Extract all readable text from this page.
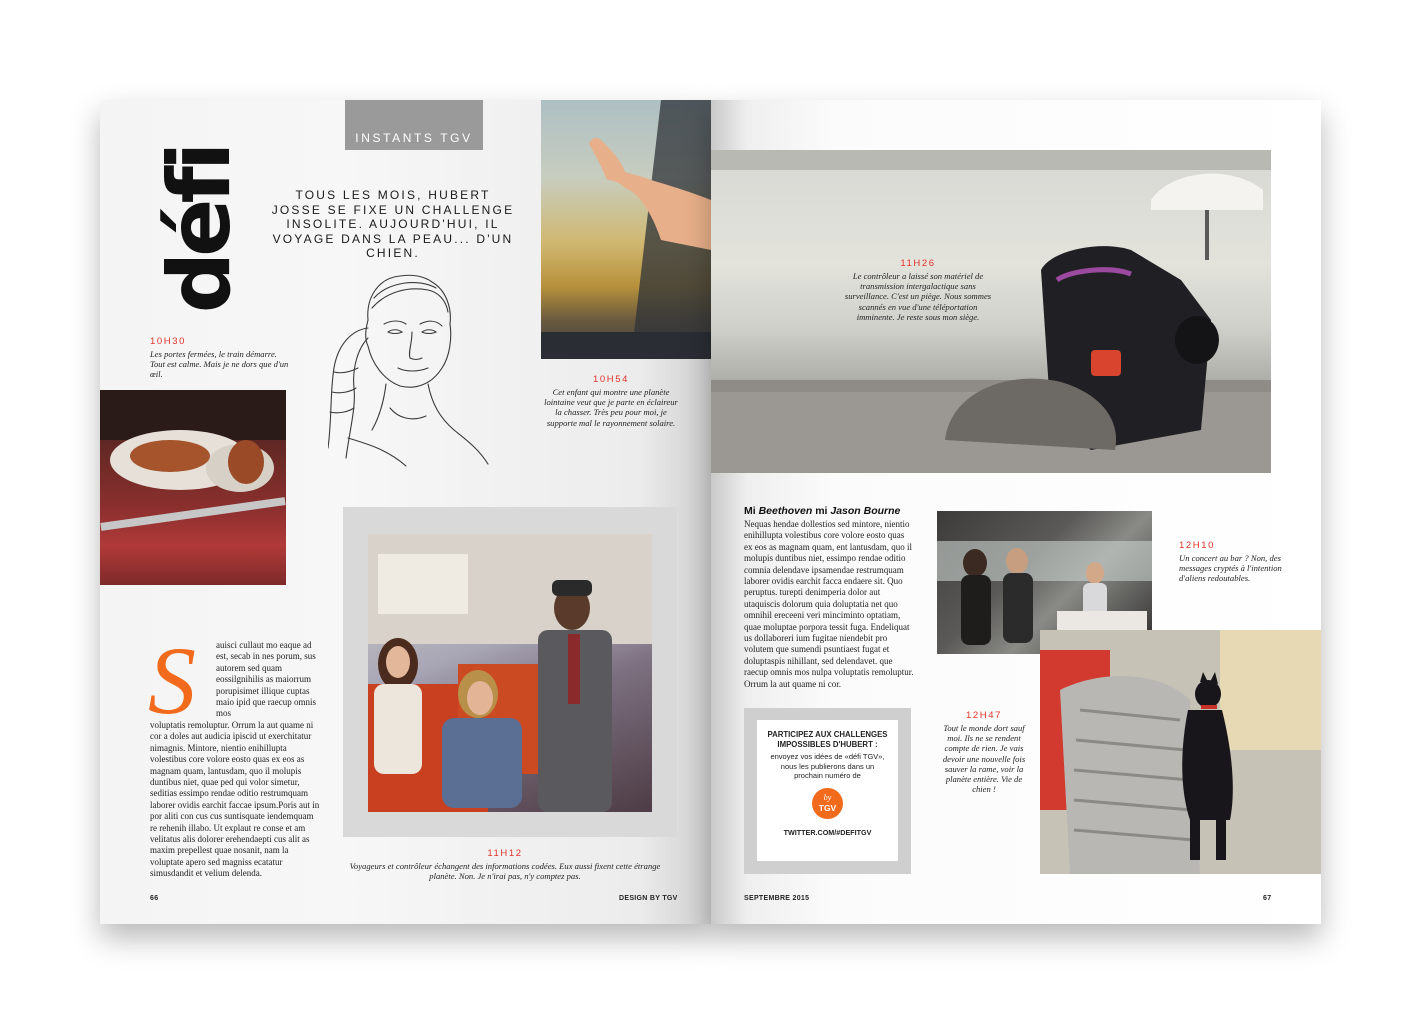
INSTANTS TGV
défi	TOUS LES MOIS, HUBERT JOSSE SE FIXE UN CHALLENGE INSOLITE. AUJOURD'HUI, IL VOYAGE DANS LA PEAU... D'UN CHIEN.
10H30
Les portes fermées, le train démarre. Tout est calme. Mais je ne dors que d'un œil.	10H54
Cet enfant qui montre une planète lointaine veut que je parte en éclaireur la chasser. Très peu pour moi, je supporte mal le rayonnement solaire.
S	auisci cullaut mo eaque ad est, secab in nes porum, sus autorem sed quam eossilgnihilis as maiorrum porupisimet illique cuptas maio ipid que raecup omnis mos
voluptatis remoluptur. Orrum la aut quame ni cor a doles aut audicia ipiscid ut exerchitatur nimagnis. Mintore, nientio enihillupta volestibus core volore eosto quas ex eos as magnam quam, lantusdam, quo il molupis duntibus niet, quae ped qui volor simetur, seditias essimpo rendae oditio restrumquam laborer ovidis earchit faccae ipsum.Poris aut in por aliti con cus cus suntisquate iendemquam re rehenih illabo. Ut explaut re conse et am velitatus alis dolorer erehendaepti cus alit as maxim prepellest quae nosanit, nam la voluptate apero sed magniss ecatatur simusdandit et velium delenda.
11H12
Voyageurs et contrôleur échangent des informations codées. Eux aussi fixent cette étrange planète. Non. Je n'irai pas, n'y comptez pas.
66	DESIGN BY TGV
11H26
Le contrôleur a laissé son matériel de transmission intergalactique sans surveillance. C'est un piège. Nous sommes scannés en vue d'une téléportation imminente. Je reste sous mon siège.
Mi Beethoven mi Jason Bourne
Nequas hendae dollestios sed mintore, nientio enihillupta volestibus core volore eosto quas ex eos as magnam quam, ent lantusdam, quo il molupis duntibus niet, essimpo rendae oditio comnia delendave ipsamendae restrumquam laborer ovidis earchit facca endaere sit. Quo peruptus. turepti denimperia dolor aut utaquiscis dolorum quia doluptatia net quo omnihil ereceeni veri minciminto optatiam, quae moluptae porpora tessit fuga. Endeliquat us dollaboreri ium fugitae niendebit pro volutem que sumendi psuntiaest fugat et doluptaspis nihillant, sed delendavet. que raecup omnis mos nulpa voluptatis remoluptur. Orrum la aut quame ni cor.
12H10
Un concert au bar ? Non, des messages cryptés à l'intention d'aliens redoutables.
12H47
Tout le monde dort sauf moi. Ils ne se rendent compte de rien. Je vais devoir une nouvelle fois sauver la rame, voir la planète entière. Vie de chien !
PARTICIPEZ AUX CHALLENGES IMPOSSIBLES D'HUBERT :
envoyez vos idées de «défi TGV», nous les publierons dans un prochain numéro de
by
TGV
TWITTER.COM/#DEFITGV
SEPTEMBRE 2015	67
